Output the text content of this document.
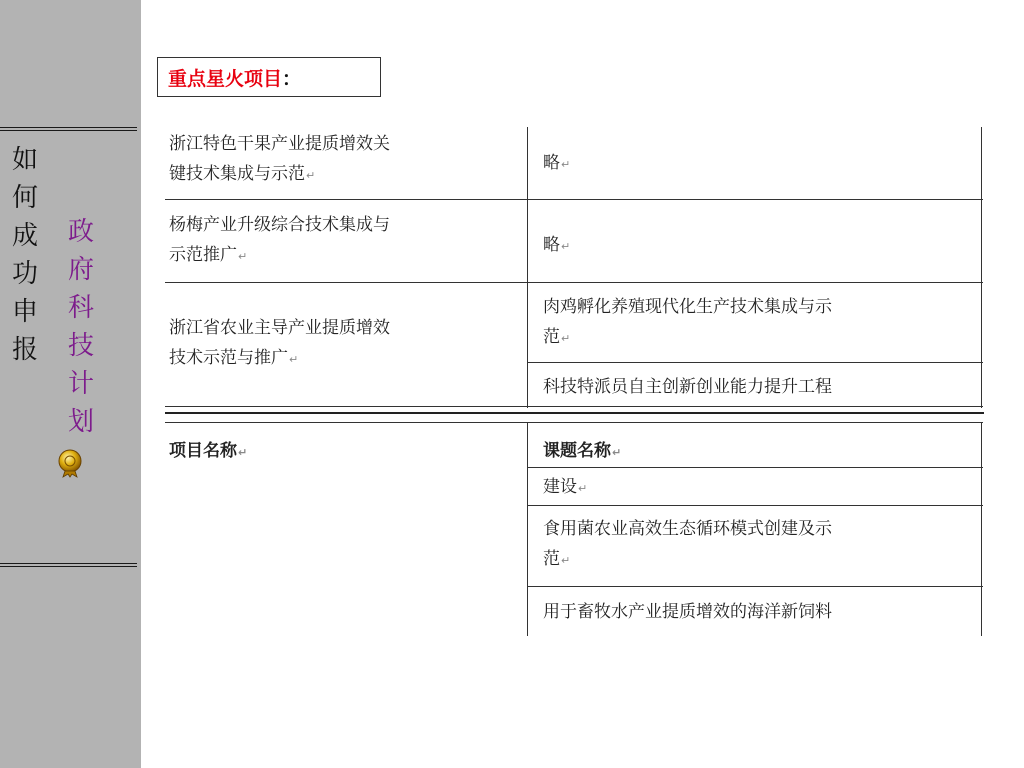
如
何
成
功
申
报
政
府
科
技
计
划
重点星火项目 ：
浙江特色干果产业提质增效关
键技术集成与示范↵
略↵
杨梅产业升级综合技术集成与
示范推广↵
略↵
浙江省农业主导产业提质增效
技术示范与推广↵
肉鸡孵化养殖现代化生产技术集成与示
范↵
科技特派员自主创新创业能力提升工程
项目名称↵	课题名称↵
建设↵
食用菌农业高效生态循环模式创建及示
范↵
用于畜牧水产业提质增效的海洋新饲料
